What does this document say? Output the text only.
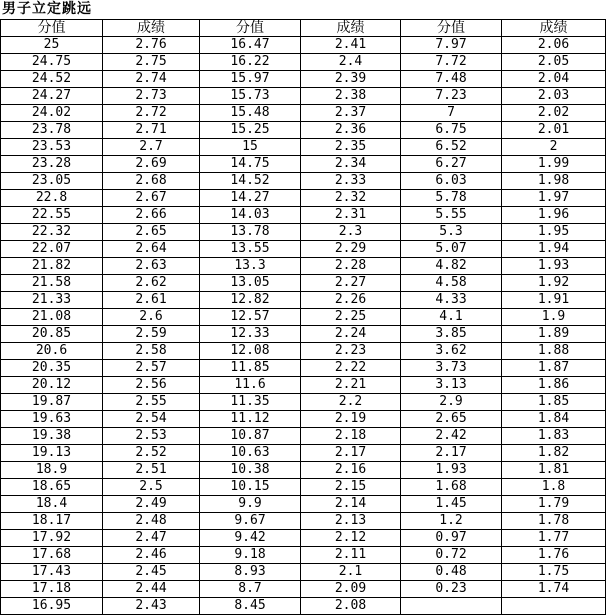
男子立定跳远
分值	成绩	分值	成绩	分值	成绩
25	2.76	16.47	2.41	7.97	2.06
24.75	2.75	16.22	2.4	7.72	2.05
24.52	2.74	15.97	2.39	7.48	2.04
24.27	2.73	15.73	2.38	7.23	2.03
24.02	2.72	15.48	2.37	7	2.02
23.78	2.71	15.25	2.36	6.75	2.01
23.53	2.7	15	2.35	6.52	2
23.28	2.69	14.75	2.34	6.27	1.99
23.05	2.68	14.52	2.33	6.03	1.98
22.8	2.67	14.27	2.32	5.78	1.97
22.55	2.66	14.03	2.31	5.55	1.96
22.32	2.65	13.78	2.3	5.3	1.95
22.07	2.64	13.55	2.29	5.07	1.94
21.82	2.63	13.3	2.28	4.82	1.93
21.58	2.62	13.05	2.27	4.58	1.92
21.33	2.61	12.82	2.26	4.33	1.91
21.08	2.6	12.57	2.25	4.1	1.9
20.85	2.59	12.33	2.24	3.85	1.89
20.6	2.58	12.08	2.23	3.62	1.88
20.35	2.57	11.85	2.22	3.73	1.87
20.12	2.56	11.6	2.21	3.13	1.86
19.87	2.55	11.35	2.2	2.9	1.85
19.63	2.54	11.12	2.19	2.65	1.84
19.38	2.53	10.87	2.18	2.42	1.83
19.13	2.52	10.63	2.17	2.17	1.82
18.9	2.51	10.38	2.16	1.93	1.81
18.65	2.5	10.15	2.15	1.68	1.8
18.4	2.49	9.9	2.14	1.45	1.79
18.17	2.48	9.67	2.13	1.2	1.78
17.92	2.47	9.42	2.12	0.97	1.77
17.68	2.46	9.18	2.11	0.72	1.76
17.43	2.45	8.93	2.1	0.48	1.75
17.18	2.44	8.7	2.09	0.23	1.74
16.95	2.43	8.45	2.08		
